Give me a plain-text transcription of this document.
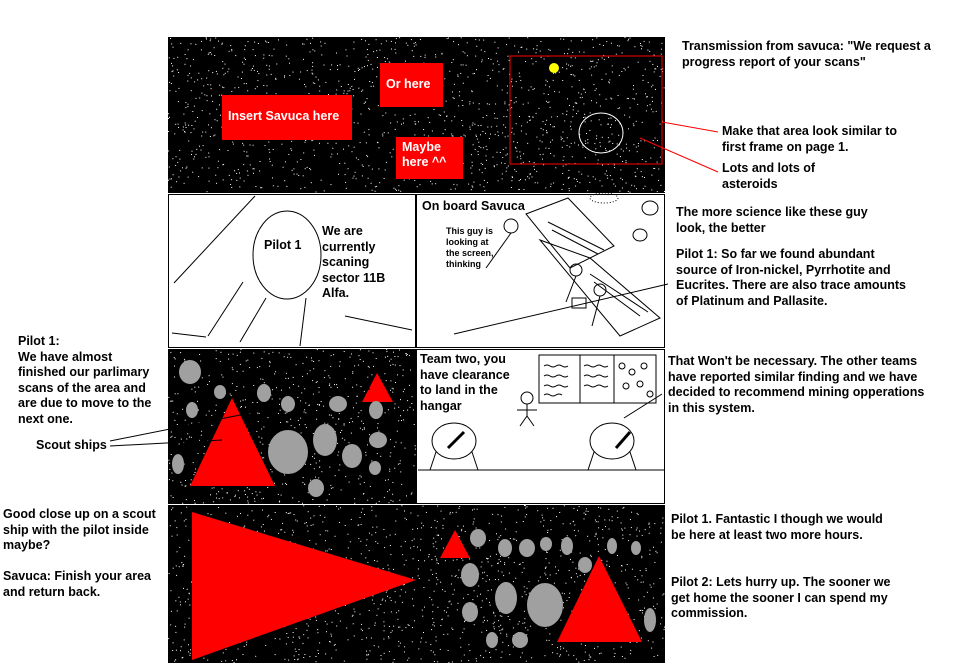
Insert Savuca here
Or here
Maybe
here ^^
Pilot 1
We are
currently
scaning
sector 11B
Alfa.
On board Savuca
This guy is
looking at
the screen,
thinking
Team two, you
have clearance
to land in the
hangar
Transmission from savuca: "We request a progress report of your scans"
Make that area look similar to first frame on page 1.
Lots and lots of asteroids
The more science like these guy look, the better
Pilot 1: So far we found abundant source of Iron-nickel, Pyrrhotite and Eucrites. There are also trace amounts of Platinum and Pallasite.
Pilot 1:
We have almost finished our parlimary scans of the area and are due to move to the next one.
Scout ships
That Won't be necessary. The other teams have reported similar finding and we have decided to recommend mining opperations in this system.
Good close up on a scout ship with the pilot inside maybe?
Savuca: Finish your area and return back.
Pilot 1. Fantastic I though we would be here at least two more hours.
Pilot 2: Lets hurry up. The sooner we get home the sooner I can spend my commission.
